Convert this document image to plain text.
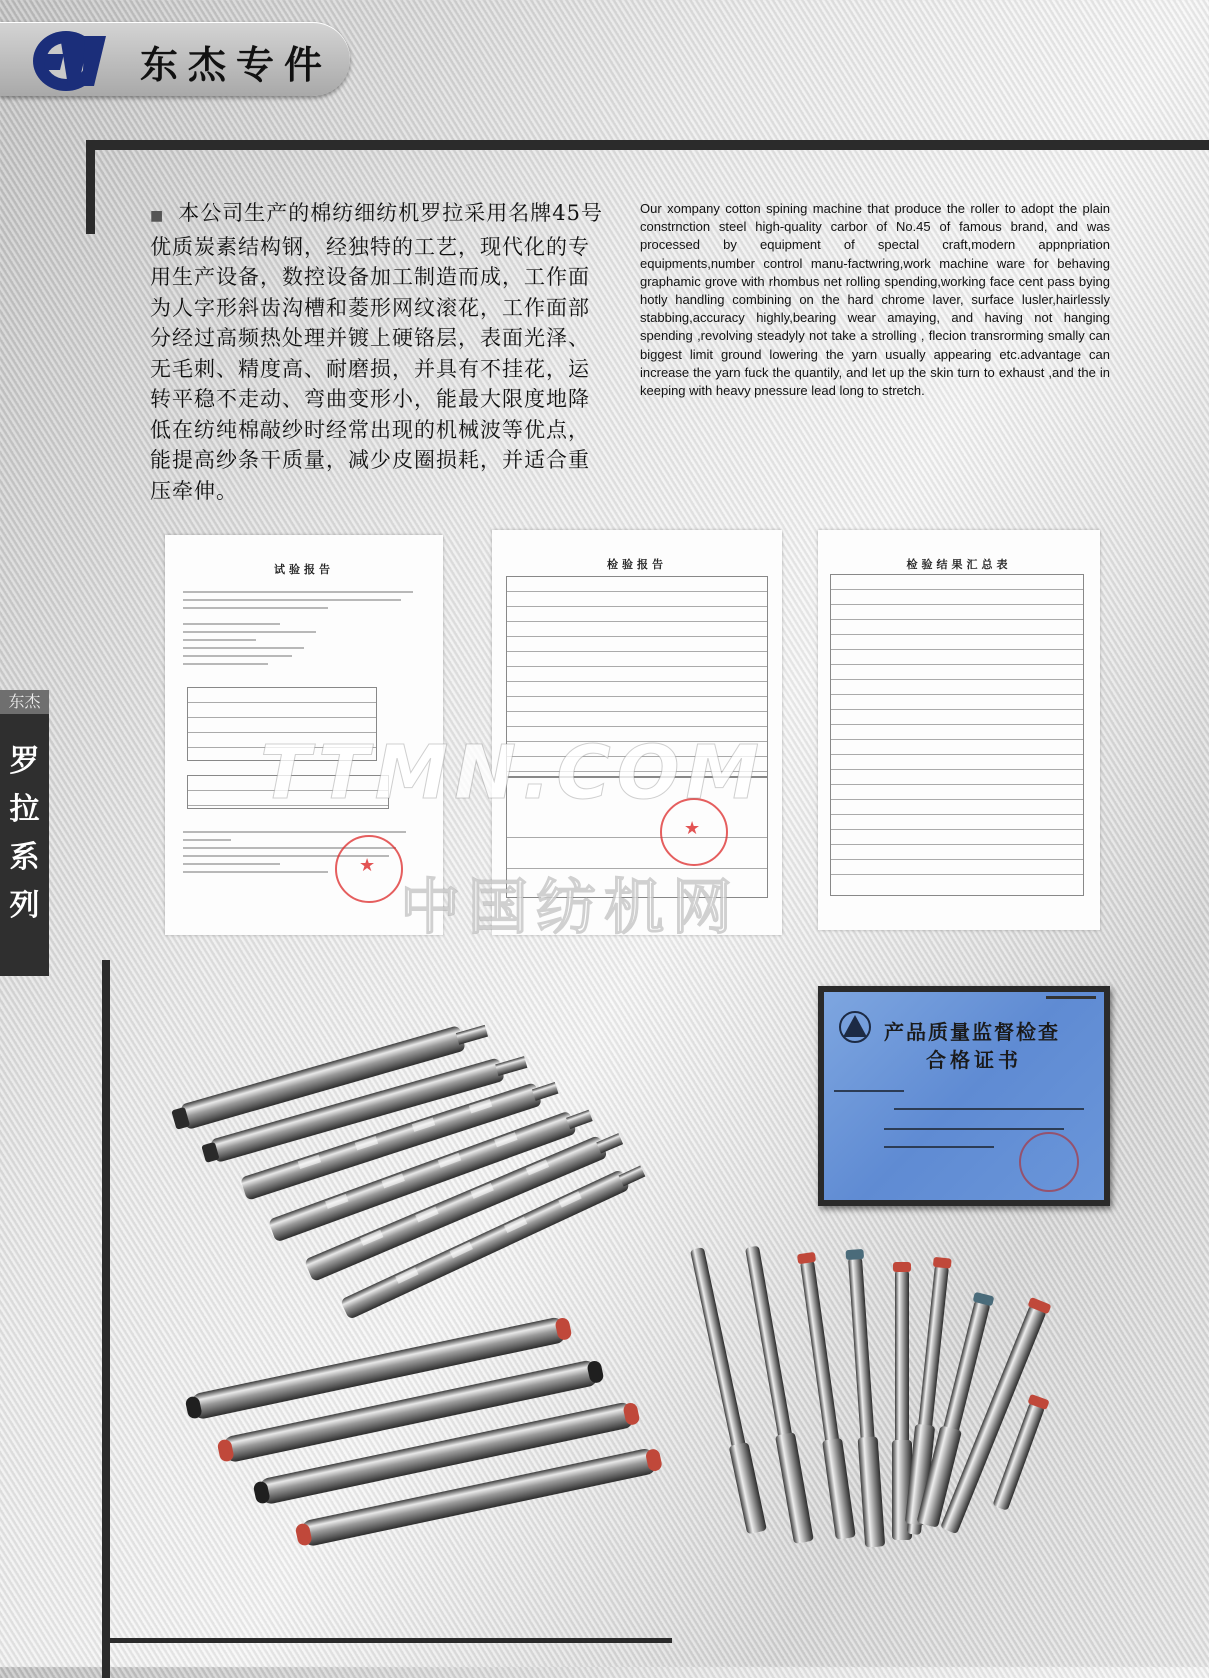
东杰专件
东杰
罗
拉
系
列
■ 本公司生产的棉纺细纺机罗拉采用名牌45号优质炭素结构钢，经独特的工艺，现代化的专用生产设备，数控设备加工制造而成，工作面为人字形斜齿沟槽和菱形网纹滚花，工作面部分经过高频热处理并镀上硬铬层，表面光泽、无毛刺、精度高、耐磨损，并具有不挂花，运转平稳不走动、弯曲变形小，能最大限度地降低在纺纯棉敲纱时经常出现的机械波等优点，能提高纱条干质量，减少皮圈损耗，并适合重压牵伸。
Our xompany cotton spining machine that produce the roller to adopt the plain constrnction steel high-quality carbor of No.45 of famous brand, and was processed by equipment of spectal craft,modern appnpriation equipments,number control manu-factwring,work machine ware for behaving graphamic grove with rhombus net rolling spending,working face cent pass bying hotly handling combining on the hard chrome laver, surface lusler,hairlessly stabbing,accuracy highly,bearing wear amaying, and having not hanging spending ,revolving steadyly not take a strolling , flecion transrorming smally can biggest limit ground lowering the yarn usually appearing etc.advantage can increase the yarn fuck the quantily, and let up the skin turn to exhaust ,and the in keeping with heavy pnessure lead long to stretch.
试验报告
★	检验报告
★	检验结果汇总表
TTMN.COM
中国纺机网
产品质量监督检查
合格证书
